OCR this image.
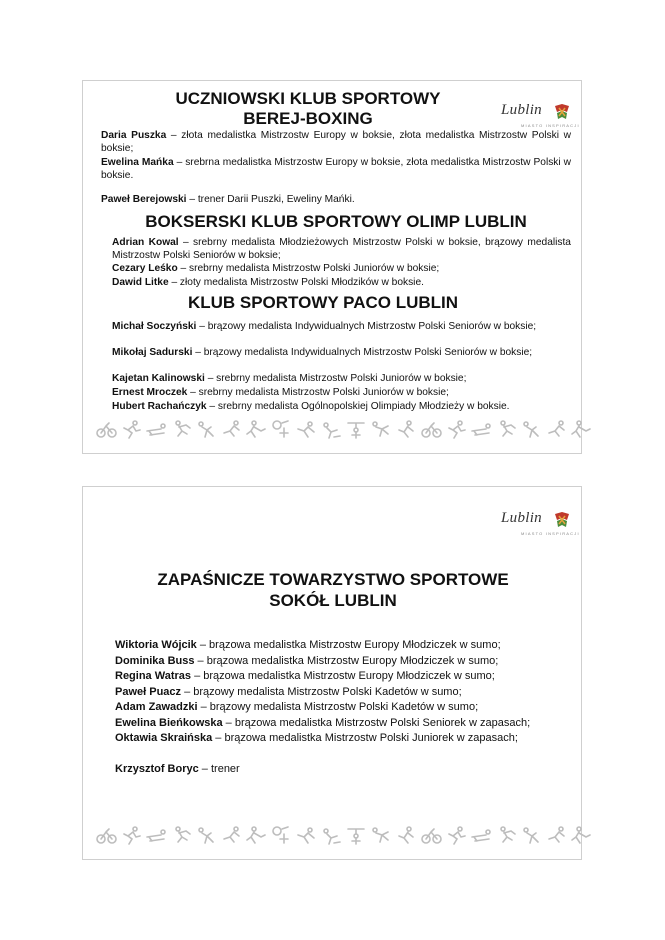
Lublin
MIASTO INSPIRACJI
UCZNIOWSKI KLUB SPORTOWY
BEREJ-BOXING
Daria Puszka – złota medalistka Mistrzostw Europy w boksie, złota medalistka Mistrzostw Polski w boksie;
Ewelina Mańka – srebrna medalistka Mistrzostw Europy w boksie, złota medalistka Mistrzostw Polski w boksie.
Paweł Berejowski – trener Darii Puszki, Eweliny Mańki.
BOKSERSKI KLUB SPORTOWY OLIMP LUBLIN
Adrian Kowal – srebrny medalista Młodzieżowych Mistrzostw Polski w boksie, brązowy medalista Mistrzostw Polski Seniorów w boksie;
Cezary Leśko – srebrny medalista Mistrzostw Polski Juniorów w boksie;
Dawid Litke – złoty medalista Mistrzostw Polski Młodzików w boksie.
KLUB SPORTOWY PACO LUBLIN
Michał Soczyński – brązowy medalista Indywidualnych Mistrzostw Polski Seniorów w boksie;
Mikołaj Sadurski – brązowy medalista Indywidualnych Mistrzostw Polski Seniorów w boksie;
Kajetan Kalinowski – srebrny medalista Mistrzostw Polski Juniorów w boksie;
Ernest Mroczek – srebrny medalista Mistrzostw Polski Juniorów w boksie;
Hubert Rachańczyk – srebrny medalista Ogólnopolskiej Olimpiady Młodzieży w boksie.
Lublin
MIASTO INSPIRACJI
ZAPAŚNICZE TOWARZYSTWO SPORTOWE
SOKÓŁ LUBLIN
Wiktoria Wójcik – brązowa medalistka Mistrzostw Europy Młodziczek w sumo;
Dominika Buss – brązowa medalistka Mistrzostw Europy Młodziczek w sumo;
Regina Watras – brązowa medalistka Mistrzostw Europy Młodziczek w sumo;
Paweł Puacz – brązowy medalista Mistrzostw Polski Kadetów w sumo;
Adam Zawadzki – brązowy medalista Mistrzostw Polski Kadetów w sumo;
Ewelina Bieńkowska – brązowa medalistka Mistrzostw Polski Seniorek w zapasach;
Oktawia Skraińska – brązowa medalistka Mistrzostw Polski Juniorek w zapasach;
Krzysztof Boryc – trener
